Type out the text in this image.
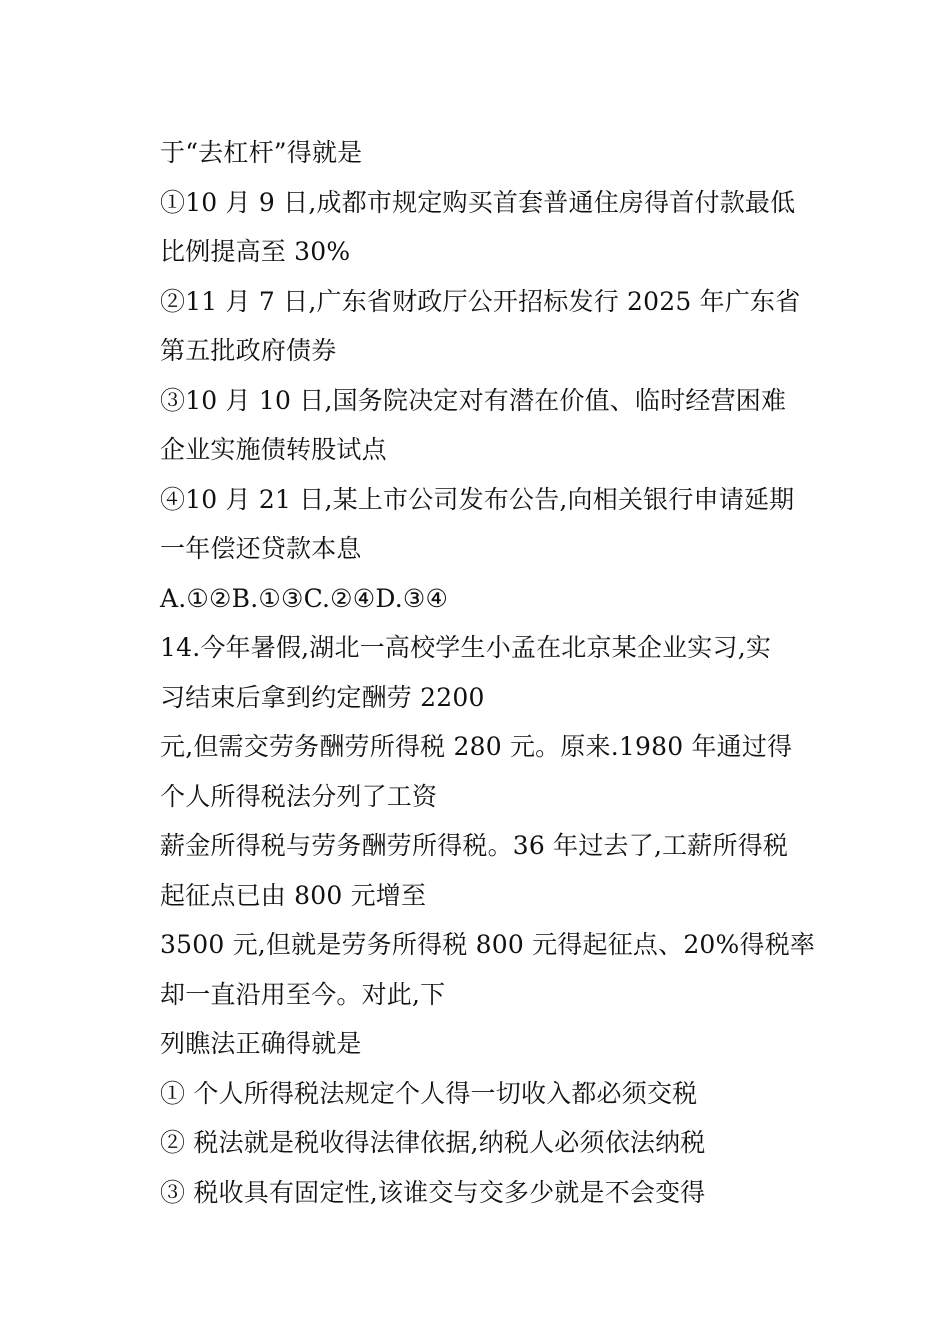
于“去杠杆”得就是
①10 月 9 日,成都市规定购买首套普通住房得首付款最低
比例提高至 30%
②11 月 7 日,广东省财政厅公开招标发行 2025 年广东省
第五批政府债券
③10 月 10 日,国务院决定对有潜在价值、临时经营困难
企业实施债转股试点
④10 月 21 日,某上市公司发布公告,向相关银行申请延期
一年偿还贷款本息
A.①②B.①③C.②④D.③④
14.今年暑假,湖北一高校学生小孟在北京某企业实习,实
习结束后拿到约定酬劳 2200
元,但需交劳务酬劳所得税 280 元。原来.1980 年通过得
个人所得税法分列了工资
薪金所得税与劳务酬劳所得税。36 年过去了,工薪所得税
起征点已由 800 元增至
3500 元,但就是劳务所得税 800 元得起征点、20%得税率
却一直沿用至今。对此,下
列瞧法正确得就是
① 个人所得税法规定个人得一切收入都必须交税
② 税法就是税收得法律依据,纳税人必须依法纳税
③ 税收具有固定性,该谁交与交多少就是不会变得
